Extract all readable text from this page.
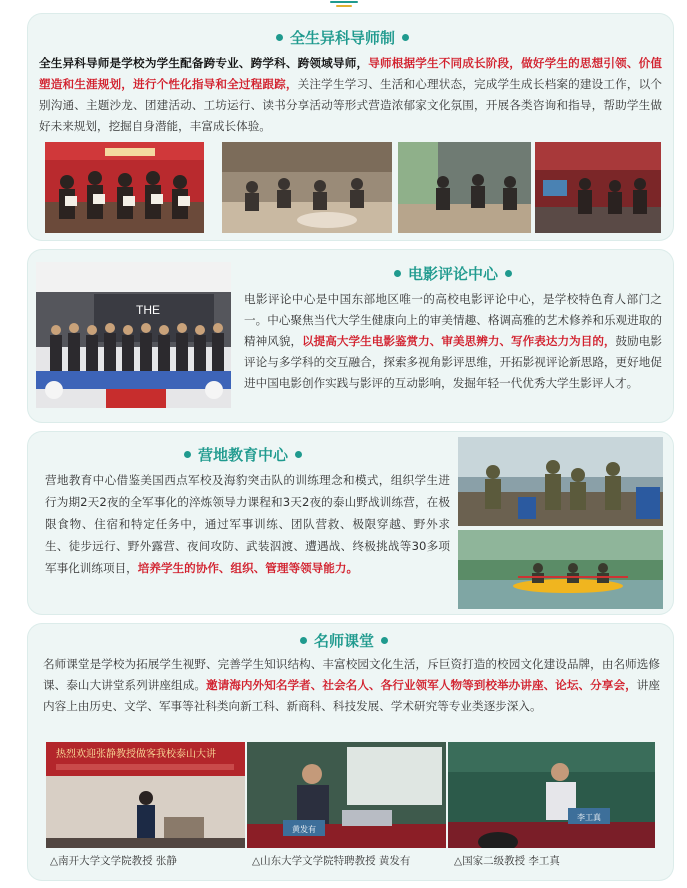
全生异科导师制
全生异科导师是学校为学生配备跨专业、跨学科、跨领域导师，导师根据学生不同成长阶段，做好学生的思想引领、价值塑造和生涯规划，进行个性化指导和全过程跟踪，关注学生学习、生活和心理状态，完成学生成长档案的建设工作，以个别沟通、主题沙龙、团建活动、工坊运行、读书分享活动等形式营造浓郁家文化氛围，开展各类咨询和指导，帮助学生做好未来规划，挖掘自身潜能，丰富成长体验。
THE
电影评论中心
电影评论中心是中国东部地区唯一的高校电影评论中心，是学校特色育人部门之一。中心聚焦当代大学生健康向上的审美情趣、格调高雅的艺术修养和乐观进取的精神风貌，以提高大学生电影鉴赏力、审美思辨力、写作表达力为目的，鼓励电影评论与多学科的交互融合，探索多视角影评思维，开拓影视评论新思路，更好地促进中国电影创作实践与影评的互动影响，发掘年轻一代优秀大学生影评人才。
营地教育中心
营地教育中心借鉴美国西点军校及海豹突击队的训练理念和模式，组织学生进行为期2天2夜的全军事化的淬炼领导力课程和3天2夜的泰山野战训练营，在极限食物、住宿和特定任务中，通过军事训练、团队营救、极限穿越、野外求生、徒步远行、野外露营、夜间攻防、武装泅渡、遭遇战、终极挑战等30多项军事化训练项目，培养学生的协作、组织、管理等领导能力。
名师课堂
名师课堂是学校为拓展学生视野、完善学生知识结构、丰富校园文化生活，斥巨资打造的校园文化建设品牌，由名师选修课、泰山大讲堂系列讲座组成。邀请海内外知名学者、社会名人、各行业领军人物等到校举办讲座、论坛、分享会，讲座内容上由历史、文学、军事等社科类向新工科、新商科、科技发展、学术研究等专业类逐步深入。
热烈欢迎张静教授做客我校泰山大讲
黄发有
李工真
△南开大学文学院教授 张静	△山东大学文学院特聘教授 黄发有	△国家二级教授 李工真
